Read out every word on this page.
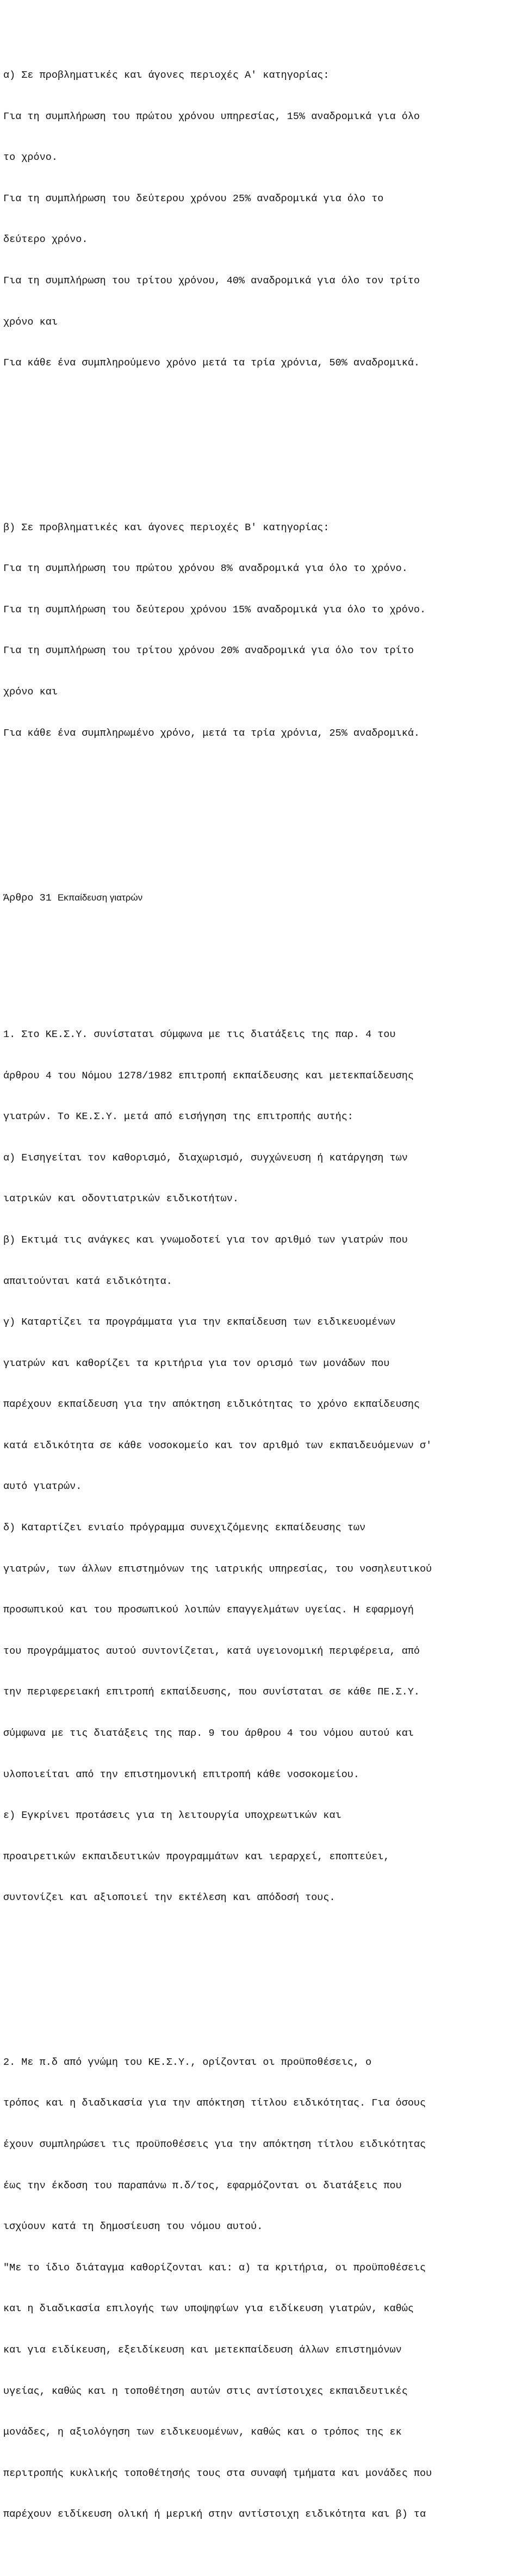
α) Σε προβληματικές και άγονες περιοχές Α' κατηγορίας:

Για τη συμπλήρωση του πρώτου χρόνου υπηρεσίας, 15% αναδρομικά για όλο

το χρόνο.

Για τη συμπλήρωση του δεύτερου χρόνου 25% αναδρομικά για όλο το

δεύτερο χρόνο.

Για τη συμπλήρωση του τρίτου χρόνου, 40% αναδρομικά για όλο τον τρίτο

χρόνο και

Για κάθε ένα συμπληρούμενο χρόνο μετά τα τρία χρόνια, 50% αναδρομικά.

β) Σε προβληματικές και άγονες περιοχές Β' κατηγορίας:

Για τη συμπλήρωση του πρώτου χρόνου 8% αναδρομικά για όλο το χρόνο.

Για τη συμπλήρωση του δεύτερου χρόνου 15% αναδρομικά για όλο το χρόνο.

Για τη συμπλήρωση του τρίτου χρόνου 20% αναδρομικά για όλο τον τρίτο

χρόνο και

Για κάθε ένα συμπληρωμένο χρόνο, μετά τα τρία χρόνια, 25% αναδρομικά.

Άρθρο 31 Εκπαίδευση γιατρών

1. Στο ΚΕ.Σ.Υ. συνίσταται σύμφωνα με τις διατάξεις της παρ. 4 του

άρθρου 4 του Νόμου 1278/1982 επιτροπή εκπαίδευσης και μετεκπαίδευσης

γιατρών. Το ΚΕ.Σ.Υ. μετά από εισήγηση της επιτροπής αυτής:

α) Εισηγείται τον καθορισμό, διαχωρισμό, συγχώνευση ή κατάργηση των

ιατρικών και οδοντιατρικών ειδικοτήτων.

β) Εκτιμά τις ανάγκες και γνωμοδοτεί για τον αριθμό των γιατρών που

απαιτούνται κατά ειδικότητα.

γ) Καταρτίζει τα προγράμματα για την εκπαίδευση των ειδικευομένων

γιατρών και καθορίζει τα κριτήρια για τον ορισμό των μονάδων που

παρέχουν εκπαίδευση για την απόκτηση ειδικότητας το χρόνο εκπαίδευσης

κατά ειδικότητα σε κάθε νοσοκομείο και τον αριθμό των εκπαιδευόμενων σ'

αυτό γιατρών.

δ) Καταρτίζει ενιαίο πρόγραμμα συνεχιζόμενης εκπαίδευσης των

γιατρών, των άλλων επιστημόνων της ιατρικής υπηρεσίας, του νοσηλευτικού

προσωπικού και του προσωπικού λοιπών επαγγελμάτων υγείας. Η εφαρμογή

του προγράμματος αυτού συντονίζεται, κατά υγειονομική περιφέρεια, από

την περιφερειακή επιτροπή εκπαίδευσης, που συνίσταται σε κάθε ΠΕ.Σ.Υ.

σύμφωνα με τις διατάξεις της παρ. 9 του άρθρου 4 του νόμου αυτού και

υλοποιείται από την επιστημονική επιτροπή κάθε νοσοκομείου.

ε) Εγκρίνει προτάσεις για τη λειτουργία υποχρεωτικών και

προαιρετικών εκπαιδευτικών προγραμμάτων και ιεραρχεί, εποπτεύει,

συντονίζει και αξιοποιεί την εκτέλεση και απόδοσή τους.

2. Με π.δ από γνώμη του ΚΕ.Σ.Υ., ορίζονται οι προϋποθέσεις, ο

τρόπος και η διαδικασία για την απόκτηση τίτλου ειδικότητας. Για όσους

έχουν συμπληρώσει τις προϋποθέσεις για την απόκτηση τίτλου ειδικότητας

έως την έκδοση του παραπάνω π.δ/τος, εφαρμόζονται οι διατάξεις που

ισχύουν κατά τη δημοσίευση του νόμου αυτού.

"Με το ίδιο διάταγμα καθορίζονται και: α) τα κριτήρια, οι προϋποθέσεις

και η διαδικασία επιλογής των υποψηφίων για ειδίκευση γιατρών, καθώς

και για ειδίκευση, εξειδίκευση και μετεκπαίδευση άλλων επιστημόνων

υγείας, καθώς και η τοποθέτηση αυτών στις αντίστοιχες εκπαιδευτικές

μονάδες, η αξιολόγηση των ειδικευομένων, καθώς και ο τρόπος της εκ

περιτροπής κυκλικής τοποθέτησής τους στα συναφή τμήματα και μονάδες που

παρέχουν ειδίκευση ολική ή μερική στην αντίστοιχη ειδικότητα και β) τα
